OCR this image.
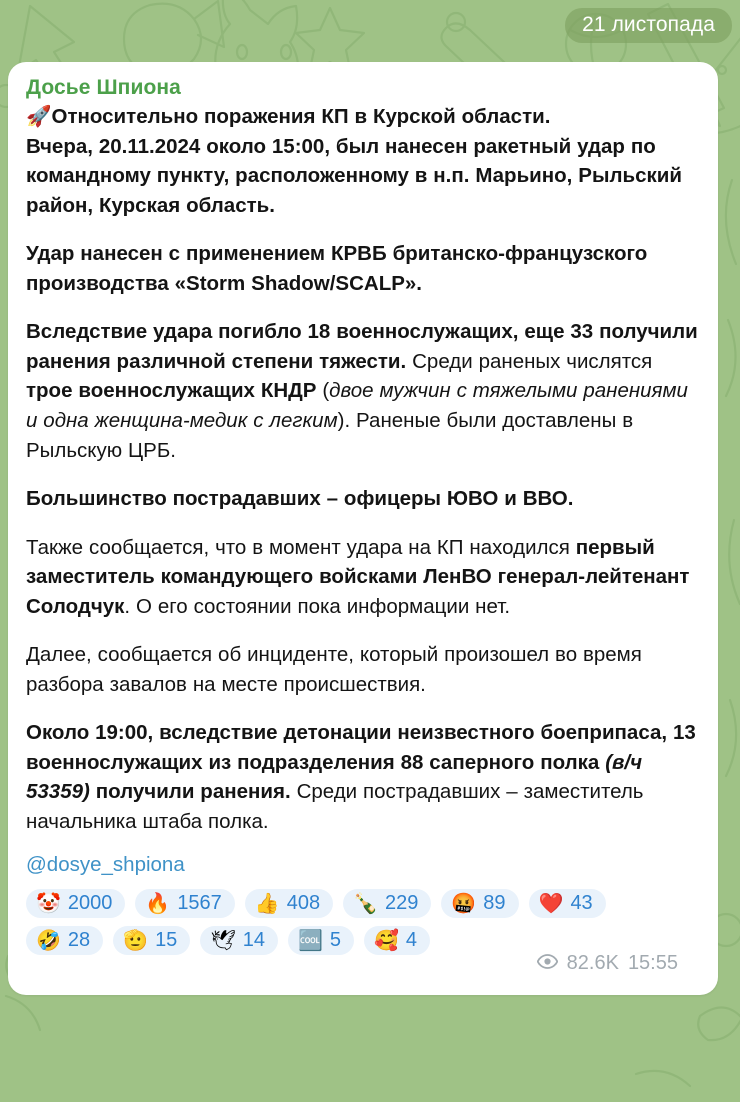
21 листопада
Досье Шпиона

🚀Относительно поражения КП в Курской области.

Вчера, 20.11.2024 около 15:00, был нанесен ракетный удар по командному пункту, расположенному в н.п. Марьино, Рыльский район, Курская область.

Удар нанесен с применением КРВБ британско-французского производства «Storm Shadow/SCALP».

Вследствие удара погибло 18 военнослужащих, еще 33 получили ранения различной степени тяжести. Среди раненых числятся трое военнослужащих КНДР (двое мужчин с тяжелыми ранениями и одна женщина-медик с легким). Раненые были доставлены в Рыльскую ЦРБ.

Большинство пострадавших – офицеры ЮВО и ВВО.

Также сообщается, что в момент удара на КП находился первый заместитель командующего войсками ЛенВО генерал-лейтенант Солодчук. О его состоянии пока информации нет.

Далее, сообщается об инциденте, который произошел во время разбора завалов на месте происшествия.

Около 19:00, вследствие детонации неизвестного боеприпаса, 13 военнослужащих из подразделения 88 саперного полка (в/ч 53359) получили ранения. Среди пострадавших – заместитель начальника штаба полка.

@dosye_shpiona
🤡 2000 🔥 1567 👍 408 🍾 229 🤬 89 ❤️ 43
🤣 28 🫡 15 🕊 14 🆒 5 🥰 4
82.6K 15:55
